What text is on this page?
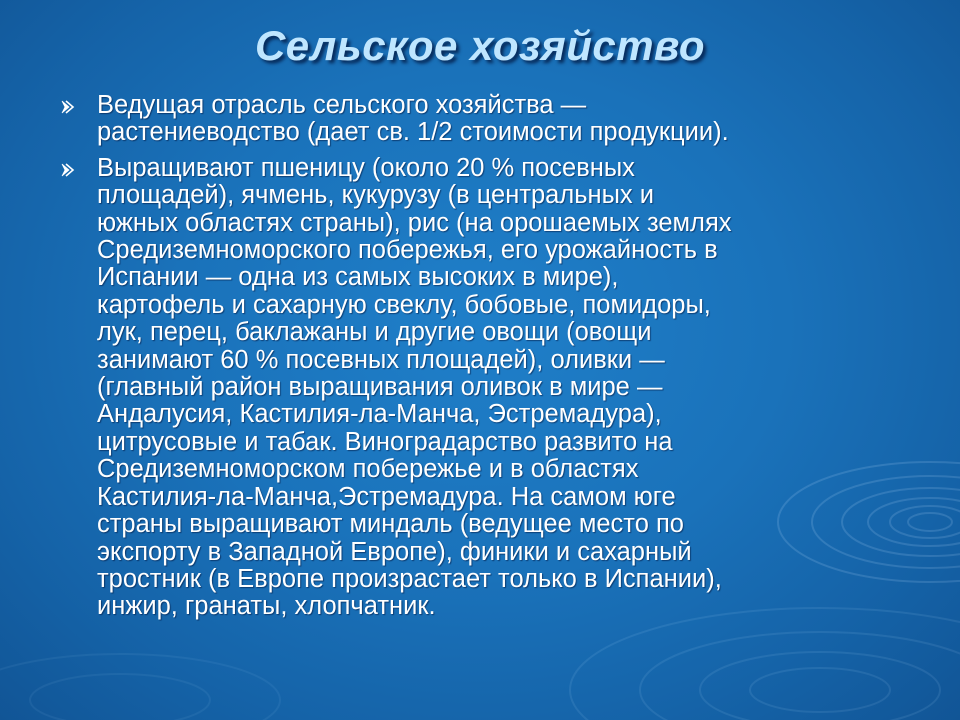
Сельское хозяйство
Ведущая отрасль сельского хозяйства —
растениеводство (дает св. 1/2 стоимости продукции).
Выращивают пшеницу (около 20 % посевных
площадей), ячмень, кукурузу (в центральных и
южных областях страны), рис (на орошаемых землях
Средиземноморского побережья, его урожайность в
Испании — одна из самых высоких в мире),
картофель и сахарную свеклу, бобовые, помидоры,
лук, перец, баклажаны и другие овощи (овощи
занимают 60 % посевных площадей), оливки —
(главный район выращивания оливок в мире —
Андалусия, Кастилия-ла-Манча, Эстремадура),
цитрусовые и табак. Виноградарство развито на
Средиземноморском побережье и в областях
Кастилия-ла-Манча,Эстремадура. На самом юге
страны выращивают миндаль (ведущее место по
экспорту в Западной Европе), финики и сахарный
тростник (в Европе произрастает только в Испании),
инжир, гранаты, хлопчатник.
